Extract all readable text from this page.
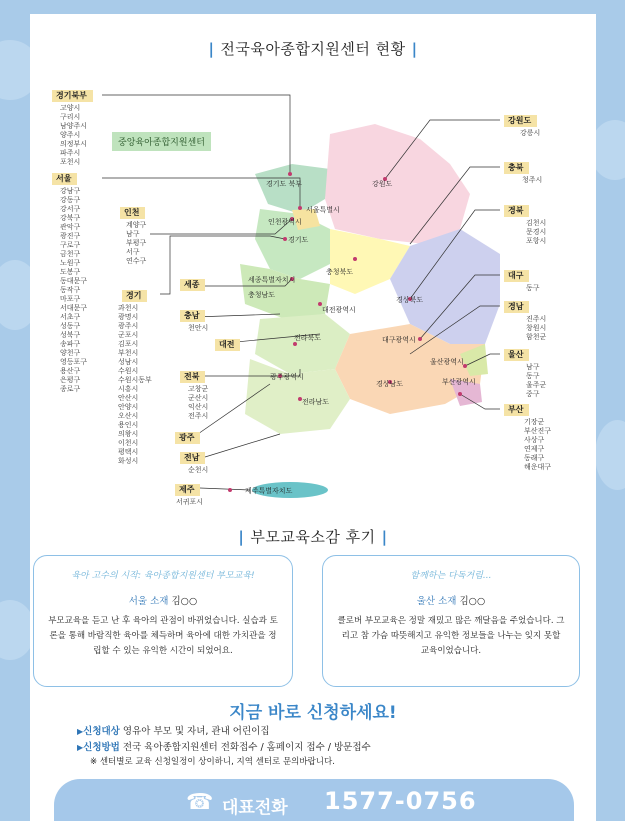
| 전국육아종합지원센터 현황 |
경기도 북부	강원도
서울특별시
인천광역시
경기도
충청북도
세종특별자치시
충청남도
대전광역시
경상북도
전라북도	대구광역시
울산광역시
광주광역시
경상남도	부산광역시
전라남도
제주특별자치도
중앙육아종합지원센터
경기북부
고양시
구리시
남양주시
양주시
의정부시
파주시
포천시
서울
강남구
강동구
강서구
강북구
관악구
광진구
구로구
금천구
노원구
도봉구
동대문구
동작구
마포구
서대문구
서초구
성동구
성북구
송파구
양천구
영등포구
용산구
은평구
종로구
인천
계양구
남구
부평구
서구
연수구
경기
과천시
광명시
광주시
군포시
김포시
부천시
성남시
수원시
수원시동부
시흥시
안산시
안양시
오산시
용인시
의왕시
이천시
평택시
화성시
세종
충남
천안시
대전
전북
고창군
군산시
익산시
전주시
광주
전남
순천시
제주
서귀포시
강원도
강릉시
충북
청주시
경북
김천시
문경시
포항시
대구
동구
경남
진주시
창원시
함천군
울산
남구
동구
울주군
중구
부산
기장군
부산진구
사상구
연제구
동래구
해운대구
| 부모교육소감 후기 |
육아 고수의 시작: 육아종합지원센터 부모교육!
서울 소재 김○○
부모교육을 듣고 난 후 육아의 관점이 바뀌었습니다. 실습과 토론을 통해 바람직한 육아를 체득하며 육아에 대한 가치관을 정립할 수 있는 유익한 시간이 되었어요.
함께하는 다독거림...
울산 소재 김○○
클로버 부모교육은 정말 재밌고 많은 깨달음을 주었습니다. 그리고 참 가슴 따뜻해지고 유익한 정보들을 나누는 잊지 못할 교육이었습니다.
지금 바로 신청하세요!
▶신청대상 영유아 부모 및 자녀, 관내 어린이집
▶신청방법 전국 육아종합지원센터 전화접수 / 홈페이지 접수 / 방문접수
※ 센터별로 교육 신청일정이 상이하니, 지역 센터로 문의바랍니다.
☎ 대표전화 1577-0756
